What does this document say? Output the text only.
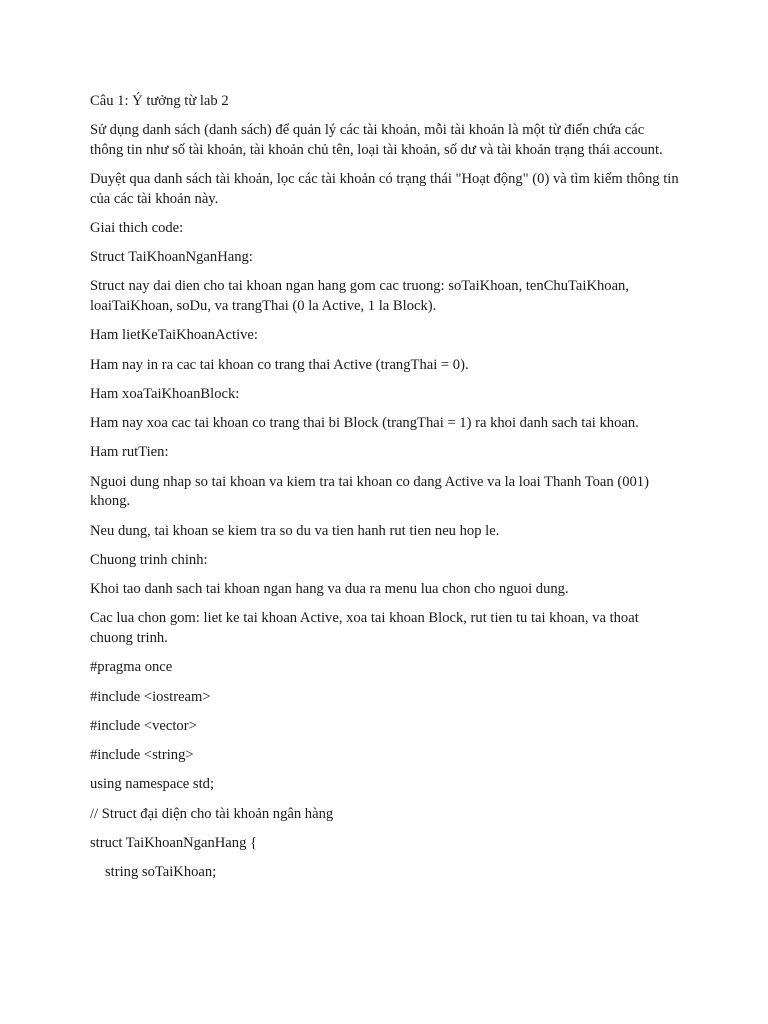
Câu 1: Ý tưởng từ lab 2

Sử dụng danh sách (danh sách) để quản lý các tài khoản, mỗi tài khoản là một từ điển chứa các thông tin như số tài khoản, tài khoản chủ tên, loại tài khoản, số dư và tài khoản trạng thái account.

Duyệt qua danh sách tài khoản, lọc các tài khoản có trạng thái "Hoạt động" (0) và tìm kiếm thông tin của các tài khoản này.

Giai thich code:

Struct TaiKhoanNganHang:

Struct nay dai dien cho tai khoan ngan hang gom cac truong: soTaiKhoan, tenChuTaiKhoan, loaiTaiKhoan, soDu, va trangThai (0 la Active, 1 la Block).

Ham lietKeTaiKhoanActive:

Ham nay in ra cac tai khoan co trang thai Active (trangThai = 0).

Ham xoaTaiKhoanBlock:

Ham nay xoa cac tai khoan co trang thai bi Block (trangThai = 1) ra khoi danh sach tai khoan.

Ham rutTien:

Nguoi dung nhap so tai khoan va kiem tra tai khoan co dang Active va la loai Thanh Toan (001) khong.

Neu dung, tai khoan se kiem tra so du va tien hanh rut tien neu hop le.

Chuong trinh chinh:

Khoi tao danh sach tai khoan ngan hang va dua ra menu lua chon cho nguoi dung.

Cac lua chon gom: liet ke tai khoan Active, xoa tai khoan Block, rut tien tu tai khoan, va thoat chuong trinh.

#pragma once

#include <iostream>

#include <vector>

#include <string>

using namespace std;

// Struct đại diện cho tài khoản ngân hàng

struct TaiKhoanNganHang {

string soTaiKhoan;
